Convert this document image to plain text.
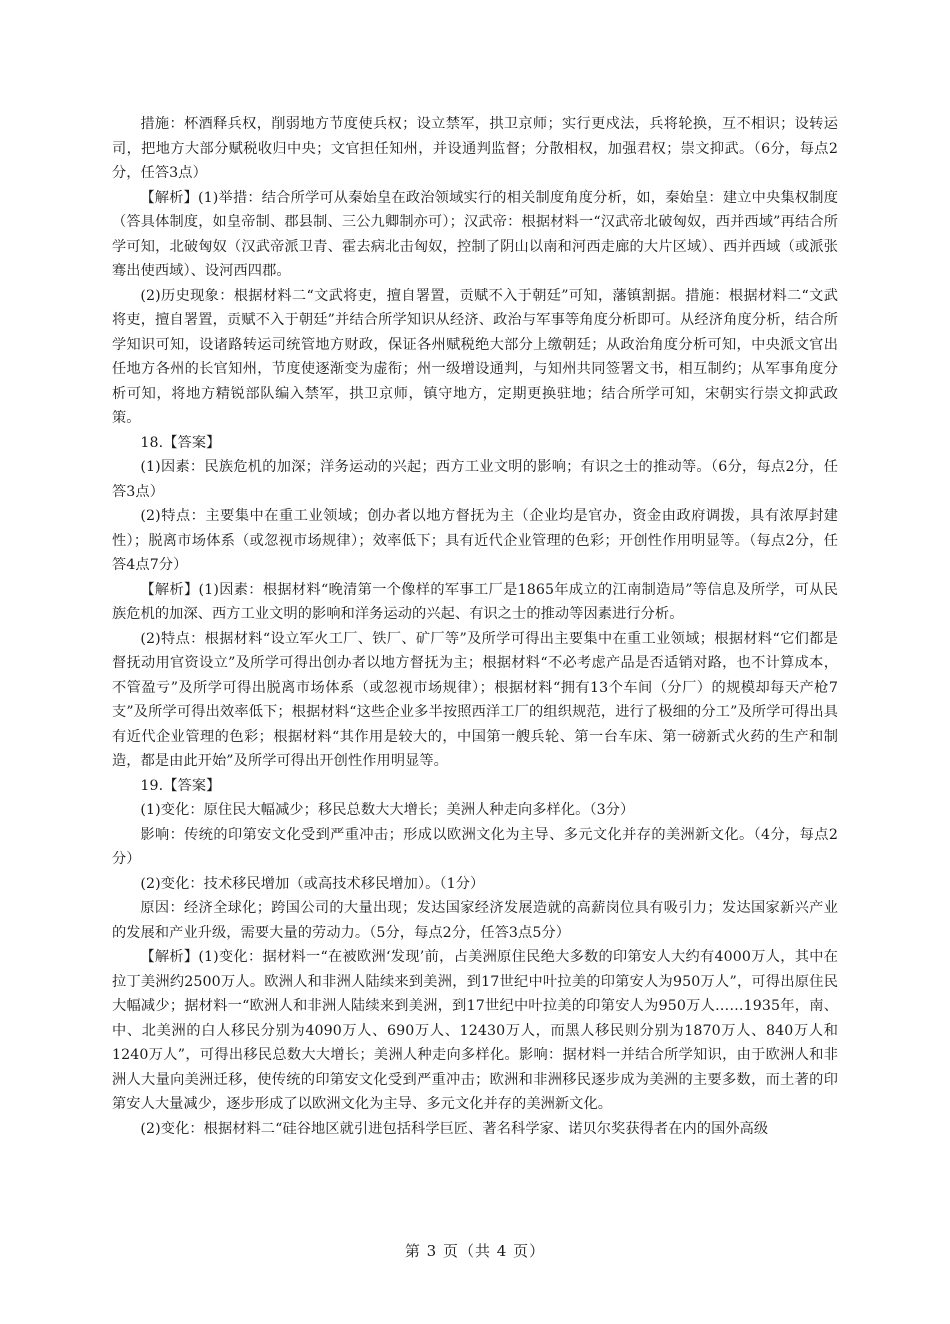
措施：杯酒释兵权，削弱地方节度使兵权；设立禁军，拱卫京师；实行更戍法，兵将轮换，互不相识；设转运司，把地方大部分赋税收归中央；文官担任知州，并设通判监督；分散相权，加强君权；崇文抑武。（6分，每点2分，任答3点）

【解析】(1)举措：结合所学可从秦始皇在政治领域实行的相关制度角度分析，如，秦始皇：建立中央集权制度（答具体制度，如皇帝制、郡县制、三公九卿制亦可）；汉武帝：根据材料一“汉武帝北破匈奴，西并西域”再结合所学可知，北破匈奴（汉武帝派卫青、霍去病北击匈奴，控制了阴山以南和河西走廊的大片区域）、西并西域（或派张骞出使西域）、设河西四郡。

(2)历史现象：根据材料二“文武将吏，擅自署置，贡赋不入于朝廷”可知，藩镇割据。措施：根据材料二“文武将吏，擅自署置，贡赋不入于朝廷”并结合所学知识从经济、政治与军事等角度分析即可。从经济角度分析，结合所学知识可知，设诸路转运司统管地方财政，保证各州赋税绝大部分上缴朝廷；从政治角度分析可知，中央派文官出任地方各州的长官知州，节度使逐渐变为虚衔；州一级增设通判，与知州共同签署文书，相互制约；从军事角度分析可知，将地方精锐部队编入禁军，拱卫京师，镇守地方，定期更换驻地；结合所学可知，宋朝实行崇文抑武政策。

18.【答案】

(1)因素：民族危机的加深；洋务运动的兴起；西方工业文明的影响；有识之士的推动等。（6分，每点2分，任答3点）

(2)特点：主要集中在重工业领域；创办者以地方督抚为主（企业均是官办，资金由政府调拨，具有浓厚封建性）；脱离市场体系（或忽视市场规律）；效率低下；具有近代企业管理的色彩；开创性作用明显等。（每点2分，任答4点7分）

【解析】(1)因素：根据材料“晚清第一个像样的军事工厂是1865年成立的江南制造局”等信息及所学，可从民族危机的加深、西方工业文明的影响和洋务运动的兴起、有识之士的推动等因素进行分析。

(2)特点：根据材料“设立军火工厂、铁厂、矿厂等”及所学可得出主要集中在重工业领域；根据材料“它们都是督抚动用官资设立”及所学可得出创办者以地方督抚为主；根据材料“不必考虑产品是否适销对路，也不计算成本，不管盈亏”及所学可得出脱离市场体系（或忽视市场规律）；根据材料“拥有13个车间（分厂）的规模却每天产枪7支”及所学可得出效率低下；根据材料“这些企业多半按照西洋工厂的组织规范，进行了极细的分工”及所学可得出具有近代企业管理的色彩；根据材料“其作用是较大的，中国第一艘兵轮、第一台车床、第一磅新式火药的生产和制造，都是由此开始”及所学可得出开创性作用明显等。

19.【答案】

(1)变化：原住民大幅减少；移民总数大大增长；美洲人种走向多样化。（3分）

影响：传统的印第安文化受到严重冲击；形成以欧洲文化为主导、多元文化并存的美洲新文化。（4分，每点2分）

(2)变化：技术移民增加（或高技术移民增加）。（1分）

原因：经济全球化；跨国公司的大量出现；发达国家经济发展造就的高薪岗位具有吸引力；发达国家新兴产业的发展和产业升级，需要大量的劳动力。（5分，每点2分，任答3点5分）

【解析】(1)变化：据材料一“在被欧洲‘发现’前，占美洲原住民绝大多数的印第安人大约有4000万人，其中在拉丁美洲约2500万人。欧洲人和非洲人陆续来到美洲，到17世纪中叶拉美的印第安人为950万人”，可得出原住民大幅减少；据材料一“欧洲人和非洲人陆续来到美洲，到17世纪中叶拉美的印第安人为950万人……1935年，南、中、北美洲的白人移民分别为4090万人、690万人、12430万人，而黑人移民则分别为1870万人、840万人和1240万人”，可得出移民总数大大增长；美洲人种走向多样化。影响：据材料一并结合所学知识，由于欧洲人和非洲人大量向美洲迁移，使传统的印第安文化受到严重冲击；欧洲和非洲移民逐步成为美洲的主要多数，而土著的印第安人大量减少，逐步形成了以欧洲文化为主导、多元文化并存的美洲新文化。

(2)变化：根据材料二“硅谷地区就引进包括科学巨匠、著名科学家、诺贝尔奖获得者在内的国外高级

第 3 页（共 4 页）
